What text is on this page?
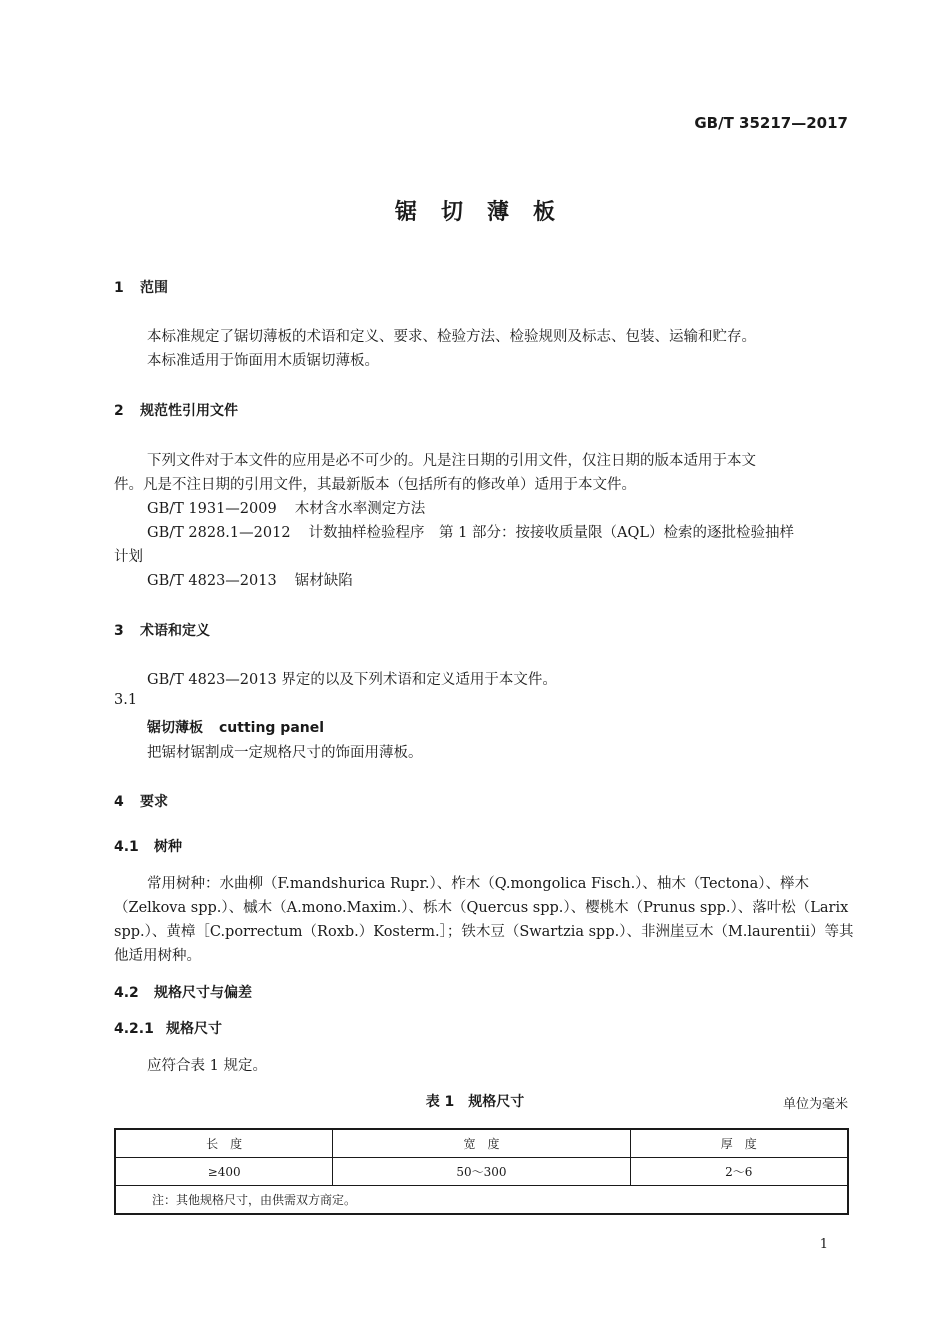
GB/T 35217—2017
锯切薄板
1 范围
本标准规定了锯切薄板的术语和定义、要求、检验方法、检验规则及标志、包装、运输和贮存。
本标准适用于饰面用木质锯切薄板。
2 规范性引用文件
下列文件对于本文件的应用是必不可少的。凡是注日期的引用文件，仅注日期的版本适用于本文
件。凡是不注日期的引用文件，其最新版本（包括所有的修改单）适用于本文件。
GB/T 1931—2009 木材含水率测定方法
GB/T 2828.1—2012 计数抽样检验程序　第 1 部分：按接收质量限（AQL）检索的逐批检验抽样
计划
GB/T 4823—2013 锯材缺陷
3 术语和定义
GB/T 4823—2013 界定的以及下列术语和定义适用于本文件。
3.1
锯切薄板 cutting panel
把锯材锯割成一定规格尺寸的饰面用薄板。
4 要求
4.1 树种
常用树种：水曲柳（F.mandshurica Rupr.）、柞木（Q.mongolica Fisch.）、柚木（Tectona）、榉木
（Zelkova spp.）、槭木（A.mono.Maxim.）、栎木（Quercus spp.）、樱桃木（Prunus spp.）、落叶松（Larix
spp.）、黄樟［C.porrectum（Roxb.）Kosterm.］；铁木豆（Swartzia spp.）、非洲崖豆木（M.laurentii）等其
他适用树种。
4.2 规格尺寸与偏差
4.2.1 规格尺寸
应符合表 1 规定。
表 1　规格尺寸	单位为毫米
长　度	宽　度	厚　度
≥400	50～300	2～6
注：其他规格尺寸，由供需双方商定。		
1
